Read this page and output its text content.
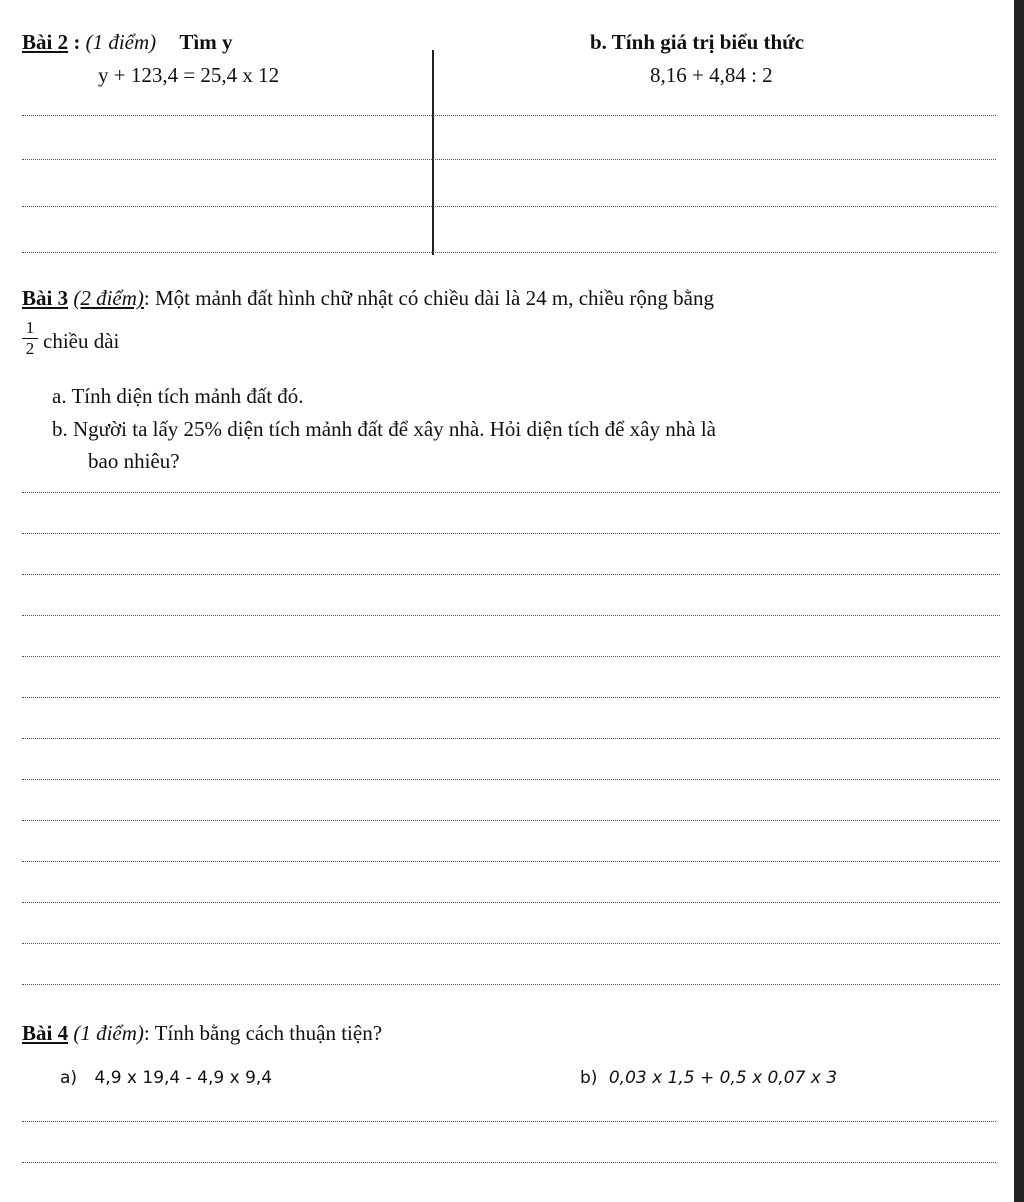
Bài 2 : (1 điểm) Tìm y	b. Tính giá trị biểu thức
y + 123,4 = 25,4 x 12	8,16 + 4,84 : 2
Bài 3 (2 điểm): Một mảnh đất hình chữ nhật có chiều dài là 24 m, chiều rộng bằng
$\frac{1}{2}$ chiều dài
a. Tính diện tích mảnh đất đó.
b. Người ta lấy 25% diện tích mảnh đất để xây nhà. Hỏi diện tích để xây nhà là
bao nhiêu?
Bài 4 (1 điểm): Tính bằng cách thuận tiện?
a) 4,9 x 19,4 - 4,9 x 9,4	b) 0,03 x 1,5 + 0,5 x 0,07 x 3
